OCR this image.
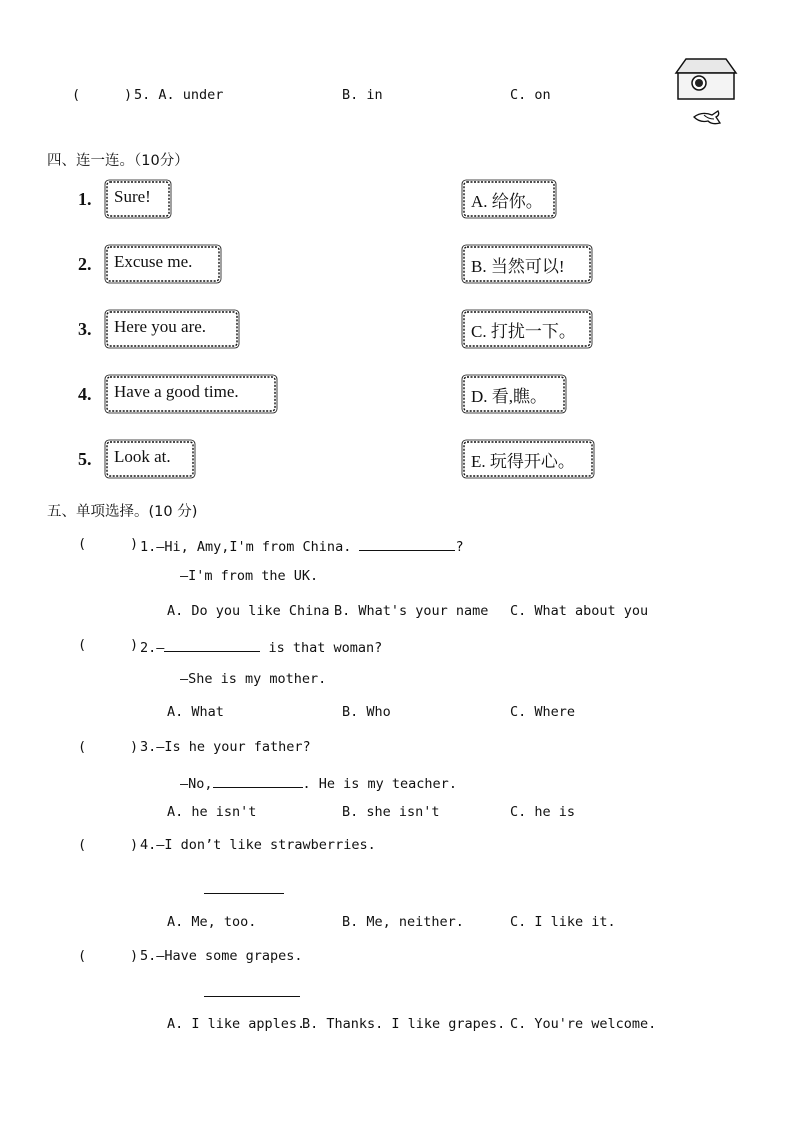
(	) 5. A. under	B. in	C. on
四、连一连。（10分）
1. Sure!
2. Excuse me.
3. Here you are.
4. Have a good time.
5. Look at.
A. 给你。
B. 当然可以!
C. 打扰一下。
D. 看,瞧。
E. 玩得开心。
五、单项选择。(10 分)
(	) 1.—Hi, Amy,I'm from China.	?
—I'm from the UK.
A. Do you like China B. What's your name C. What about you
(	) 2.—	is that woman?
—She is my mother.
A. What	B. Who	C. Where
(	) 3.—Is he your father?
—No,	. He is my teacher.
A. he isn't	B. she isn't	C. he is
(	) 4.—I don’t like strawberries.
A. Me, too.	B. Me, neither.	C. I like it.
(	) 5.—Have some grapes.
A. I like apples.
B. Thanks. I like grapes. C. You're welcome.
